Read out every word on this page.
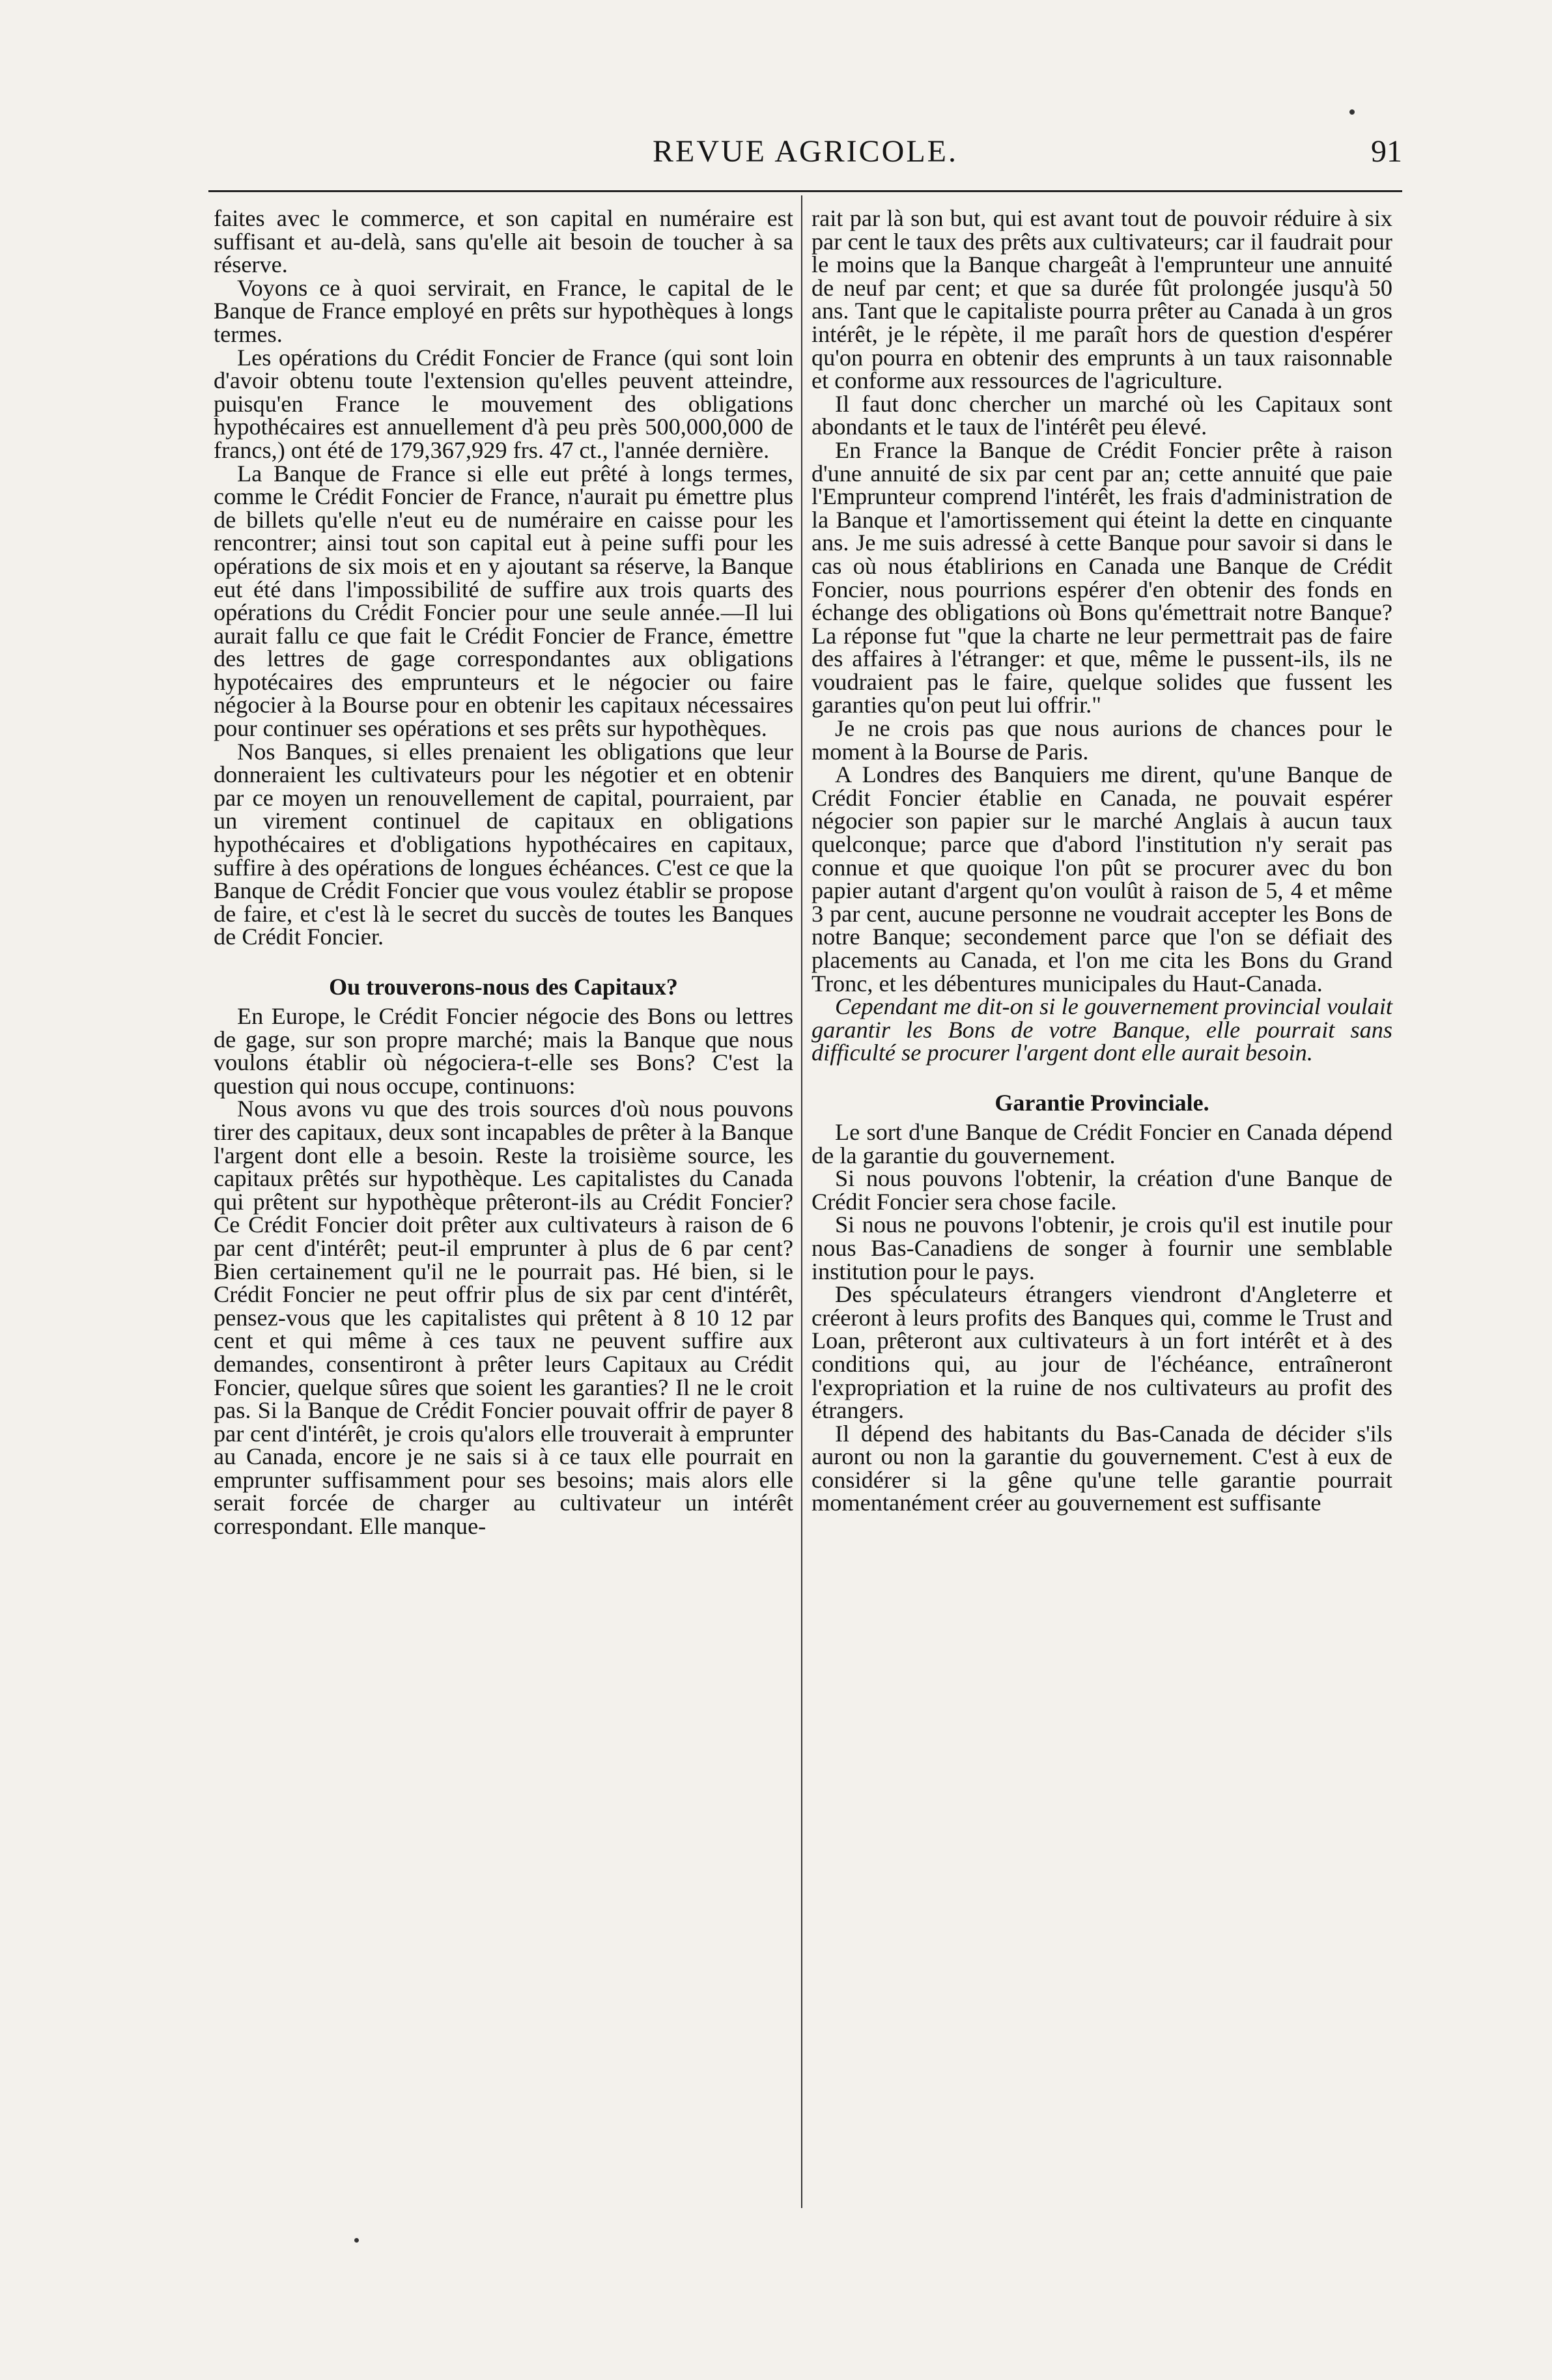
REVUE AGRICOLE.	91

faites avec le commerce, et son capital en numéraire est suffisant et au-delà, sans qu'elle ait besoin de toucher à sa réserve.

Voyons ce à quoi servirait, en France, le capital de le Banque de France employé en prêts sur hypothèques à longs termes.

Les opérations du Crédit Foncier de France (qui sont loin d'avoir obtenu toute l'extension qu'elles peuvent atteindre, puisqu'en France le mouvement des obligations hypothécaires est annuellement d'à peu près 500,000,000 de francs,) ont été de 179,367,929 frs. 47 ct., l'année dernière.

La Banque de France si elle eut prêté à longs termes, comme le Crédit Foncier de France, n'aurait pu émettre plus de billets qu'elle n'eut eu de numéraire en caisse pour les rencontrer; ainsi tout son capital eut à peine suffi pour les opérations de six mois et en y ajoutant sa réserve, la Banque eut été dans l'impossibilité de suffire aux trois quarts des opérations du Crédit Foncier pour une seule année.—Il lui aurait fallu ce que fait le Crédit Foncier de France, émettre des lettres de gage correspondantes aux obligations hypotécaires des emprunteurs et le négocier ou faire négocier à la Bourse pour en obtenir les capitaux nécessaires pour continuer ses opérations et ses prêts sur hypothèques.

Nos Banques, si elles prenaient les obligations que leur donneraient les cultivateurs pour les négotier et en obtenir par ce moyen un renouvellement de capital, pourraient, par un virement continuel de capitaux en obligations hypothécaires et d'obligations hypothécaires en capitaux, suffire à des opérations de longues échéances. C'est ce que la Banque de Crédit Foncier que vous voulez établir se propose de faire, et c'est là le secret du succès de toutes les Banques de Crédit Foncier.

Ou trouverons-nous des Capitaux?

En Europe, le Crédit Foncier négocie des Bons ou lettres de gage, sur son propre marché; mais la Banque que nous voulons établir où négociera-t-elle ses Bons? C'est la question qui nous occupe, continuons:

Nous avons vu que des trois sources d'où nous pouvons tirer des capitaux, deux sont incapables de prêter à la Banque l'argent dont elle a besoin. Reste la troisième source, les capitaux prêtés sur hypothèque. Les capitalistes du Canada qui prêtent sur hypothèque prêteront-ils au Crédit Foncier? Ce Crédit Foncier doit prêter aux cultivateurs à raison de 6 par cent d'intérêt; peut-il emprunter à plus de 6 par cent? Bien certainement qu'il ne le pourrait pas. Hé bien, si le Crédit Foncier ne peut offrir plus de six par cent d'intérêt, pensez-vous que les capitalistes qui prêtent à 8 10 12 par cent et qui même à ces taux ne peuvent suffire aux demandes, consentiront à prêter leurs Capitaux au Crédit Foncier, quelque sûres que soient les garanties? Il ne le croit pas. Si la Banque de Crédit Foncier pouvait offrir de payer 8 par cent d'intérêt, je crois qu'alors elle trouverait à emprunter au Canada, encore je ne sais si à ce taux elle pourrait en emprunter suffisamment pour ses besoins; mais alors elle serait forcée de charger au cultivateur un intérêt correspondant. Elle manque-

rait par là son but, qui est avant tout de pouvoir réduire à six par cent le taux des prêts aux cultivateurs; car il faudrait pour le moins que la Banque chargeât à l'emprunteur une annuité de neuf par cent; et que sa durée fût prolongée jusqu'à 50 ans. Tant que le capitaliste pourra prêter au Canada à un gros intérêt, je le répète, il me paraît hors de question d'espérer qu'on pourra en obtenir des emprunts à un taux raisonnable et conforme aux ressources de l'agriculture.

Il faut donc chercher un marché où les Capitaux sont abondants et le taux de l'intérêt peu élevé.

En France la Banque de Crédit Foncier prête à raison d'une annuité de six par cent par an; cette annuité que paie l'Emprunteur comprend l'intérêt, les frais d'administration de la Banque et l'amortissement qui éteint la dette en cinquante ans. Je me suis adressé à cette Banque pour savoir si dans le cas où nous établirions en Canada une Banque de Crédit Foncier, nous pourrions espérer d'en obtenir des fonds en échange des obligations où Bons qu'émettrait notre Banque? La réponse fut "que la charte ne leur permettrait pas de faire des affaires à l'étranger: et que, même le pussent-ils, ils ne voudraient pas le faire, quelque solides que fussent les garanties qu'on peut lui offrir."

Je ne crois pas que nous aurions de chances pour le moment à la Bourse de Paris.

A Londres des Banquiers me dirent, qu'une Banque de Crédit Foncier établie en Canada, ne pouvait espérer négocier son papier sur le marché Anglais à aucun taux quelconque; parce que d'abord l'institution n'y serait pas connue et que quoique l'on pût se procurer avec du bon papier autant d'argent qu'on voulût à raison de 5, 4 et même 3 par cent, aucune personne ne voudrait accepter les Bons de notre Banque; secondement parce que l'on se défiait des placements au Canada, et l'on me cita les Bons du Grand Tronc, et les débentures municipales du Haut-Canada.

Cependant me dit-on si le gouvernement provincial voulait garantir les Bons de votre Banque, elle pourrait sans difficulté se procurer l'argent dont elle aurait besoin.

Garantie Provinciale.

Le sort d'une Banque de Crédit Foncier en Canada dépend de la garantie du gouvernement.

Si nous pouvons l'obtenir, la création d'une Banque de Crédit Foncier sera chose facile.

Si nous ne pouvons l'obtenir, je crois qu'il est inutile pour nous Bas-Canadiens de songer à fournir une semblable institution pour le pays.

Des spéculateurs étrangers viendront d'Angleterre et créeront à leurs profits des Banques qui, comme le Trust and Loan, prêteront aux cultivateurs à un fort intérêt et à des conditions qui, au jour de l'échéance, entraîneront l'expropriation et la ruine de nos cultivateurs au profit des étrangers.

Il dépend des habitants du Bas-Canada de décider s'ils auront ou non la garantie du gouvernement. C'est à eux de considérer si la gêne qu'une telle garantie pourrait momentanément créer au gouvernement est suffisante
